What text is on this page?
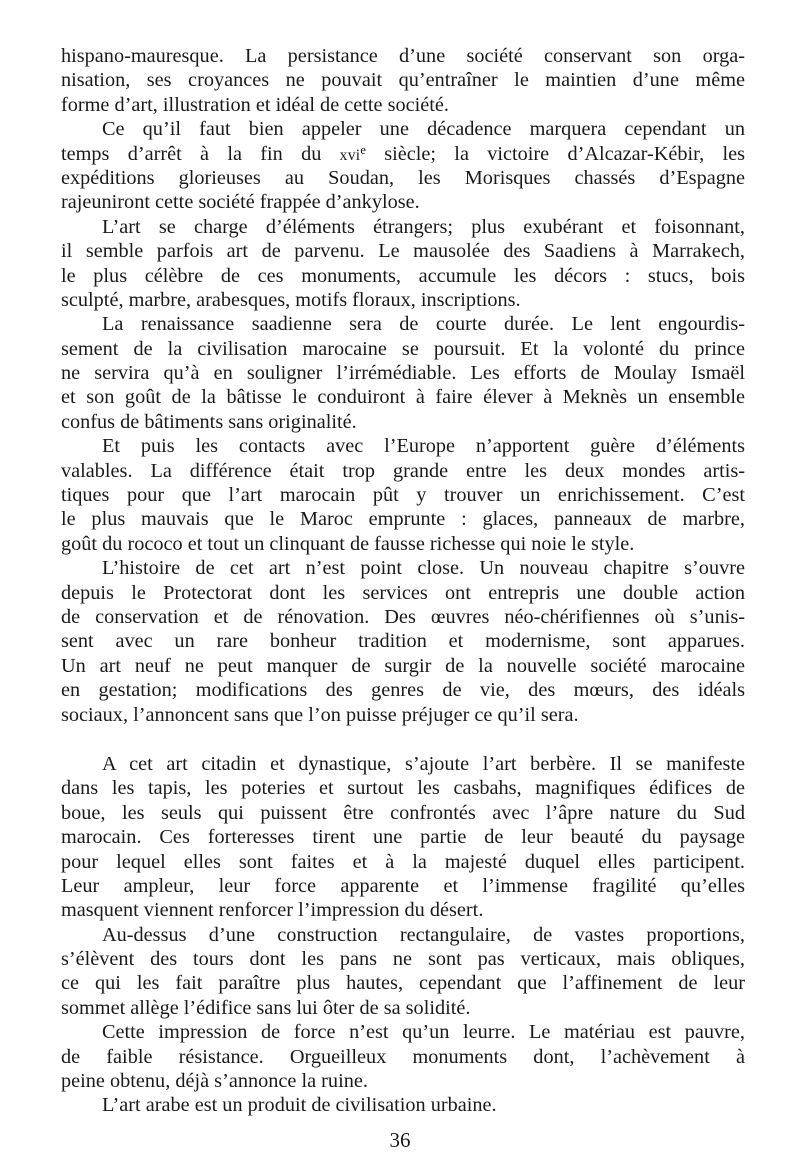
hispano-mauresque. La persistance d’une société conservant son orga-
nisation, ses croyances ne pouvait qu’entraîner le maintien d’une même
forme d’art, illustration et idéal de cette société.
Ce qu’il faut bien appeler une décadence marquera cependant un
temps d’arrêt à la fin du xvi$^e$ siècle; la victoire d’Alcazar-Kébir, les
expéditions glorieuses au Soudan, les Morisques chassés d’Espagne
rajeuniront cette société frappée d’ankylose.
L’art se charge d’éléments étrangers; plus exubérant et foisonnant,
il semble parfois art de parvenu. Le mausolée des Saadiens à Marrakech,
le plus célèbre de ces monuments, accumule les décors : stucs, bois
sculpté, marbre, arabesques, motifs floraux, inscriptions.
La renaissance saadienne sera de courte durée. Le lent engourdis-
sement de la civilisation marocaine se poursuit. Et la volonté du prince
ne servira qu’à en souligner l’irrémédiable. Les efforts de Moulay Ismaël
et son goût de la bâtisse le conduiront à faire élever à Meknès un ensemble
confus de bâtiments sans originalité.
Et puis les contacts avec l’Europe n’apportent guère d’éléments
valables. La différence était trop grande entre les deux mondes artis-
tiques pour que l’art marocain pût y trouver un enrichissement. C’est
le plus mauvais que le Maroc emprunte : glaces, panneaux de marbre,
goût du rococo et tout un clinquant de fausse richesse qui noie le style.
L’histoire de cet art n’est point close. Un nouveau chapitre s’ouvre
depuis le Protectorat dont les services ont entrepris une double action
de conservation et de rénovation. Des œuvres néo-chérifiennes où s’unis-
sent avec un rare bonheur tradition et modernisme, sont apparues.
Un art neuf ne peut manquer de surgir de la nouvelle société marocaine
en gestation; modifications des genres de vie, des mœurs, des idéals
sociaux, l’annoncent sans que l’on puisse préjuger ce qu’il sera.
A cet art citadin et dynastique, s’ajoute l’art berbère. Il se manifeste
dans les tapis, les poteries et surtout les casbahs, magnifiques édifices de
boue, les seuls qui puissent être confrontés avec l’âpre nature du Sud
marocain. Ces forteresses tirent une partie de leur beauté du paysage
pour lequel elles sont faites et à la majesté duquel elles participent.
Leur ampleur, leur force apparente et l’immense fragilité qu’elles
masquent viennent renforcer l’impression du désert.
Au-dessus d’une construction rectangulaire, de vastes proportions,
s’élèvent des tours dont les pans ne sont pas verticaux, mais obliques,
ce qui les fait paraître plus hautes, cependant que l’affinement de leur
sommet allège l’édifice sans lui ôter de sa solidité.
Cette impression de force n’est qu’un leurre. Le matériau est pauvre,
de faible résistance. Orgueilleux monuments dont, l’achèvement à
peine obtenu, déjà s’annonce la ruine.
L’art arabe est un produit de civilisation urbaine.
36
